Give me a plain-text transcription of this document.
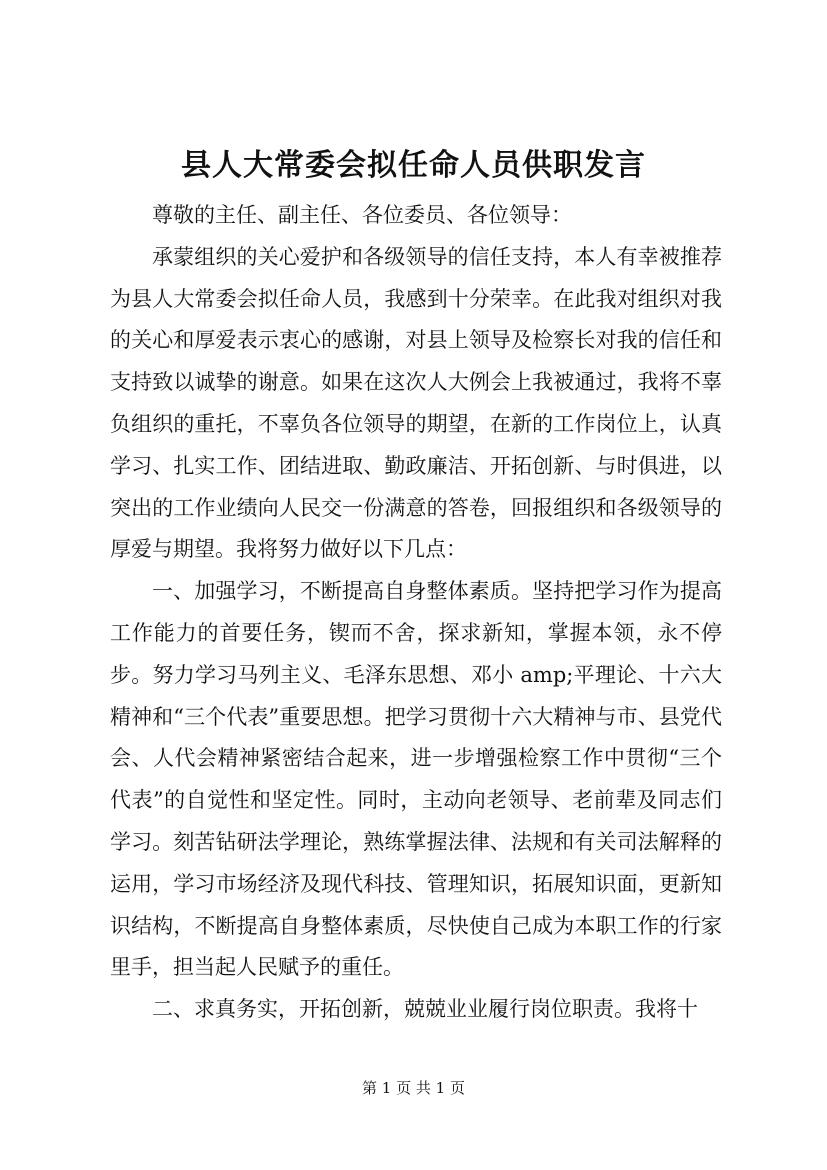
县人大常委会拟任命人员供职发言

尊敬的主任、副主任、各位委员、各位领导：

承蒙组织的关心爱护和各级领导的信任支持，本人有幸被推荐为县人大常委会拟任命人员，我感到十分荣幸。在此我对组织对我的关心和厚爱表示衷心的感谢，对县上领导及检察长对我的信任和支持致以诚挚的谢意。如果在这次人大例会上我被通过，我将不辜负组织的重托，不辜负各位领导的期望，在新的工作岗位上，认真学习、扎实工作、团结进取、勤政廉洁、开拓创新、与时俱进，以突出的工作业绩向人民交一份满意的答卷，回报组织和各级领导的厚爱与期望。我将努力做好以下几点：

一、加强学习，不断提高自身整体素质。坚持把学习作为提高工作能力的首要任务，锲而不舍，探求新知，掌握本领，永不停步。努力学习马列主义、毛泽东思想、邓小 amp;平理论、十六大精神和“三个代表”重要思想。把学习贯彻十六大精神与市、县党代会、人代会精神紧密结合起来，进一步增强检察工作中贯彻“三个代表”的自觉性和坚定性。同时，主动向老领导、老前辈及同志们学习。刻苦钻研法学理论，熟练掌握法律、法规和有关司法解释的运用，学习市场经济及现代科技、管理知识，拓展知识面，更新知识结构，不断提高自身整体素质，尽快使自己成为本职工作的行家里手，担当起人民赋予的重任。

二、求真务实，开拓创新，兢兢业业履行岗位职责。我将十

第 1 页 共 1 页
